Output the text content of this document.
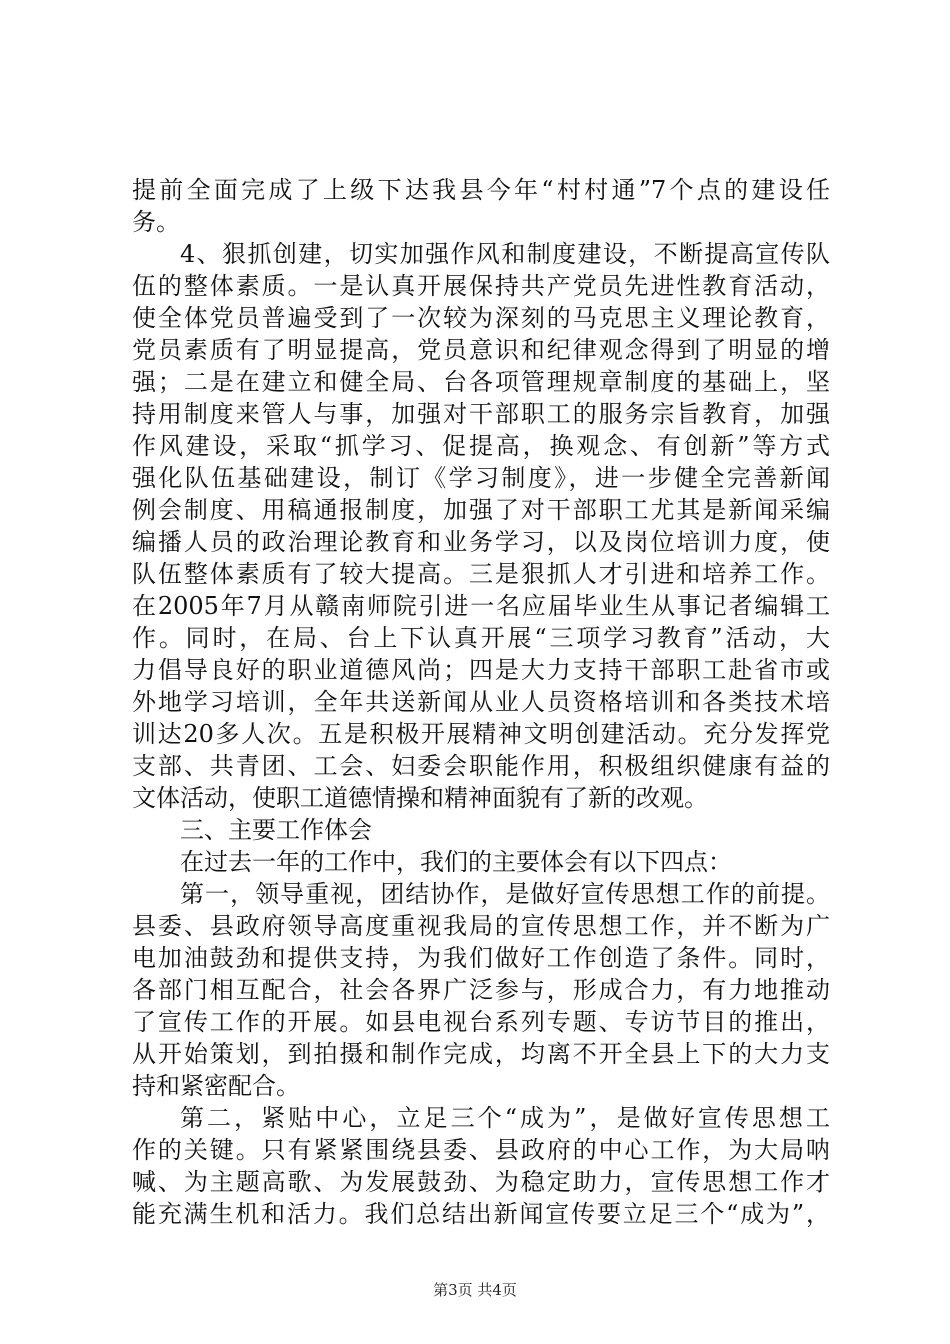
提前全面完成了上级下达我县今年“村村通”7个点的建设任
务。
4、狠抓创建，切实加强作风和制度建设，不断提高宣传队
伍的整体素质。一是认真开展保持共产党员先进性教育活动，
使全体党员普遍受到了一次较为深刻的马克思主义理论教育，
党员素质有了明显提高，党员意识和纪律观念得到了明显的增
强；二是在建立和健全局、台各项管理规章制度的基础上，坚
持用制度来管人与事，加强对干部职工的服务宗旨教育，加强
作风建设，采取“抓学习、促提高，换观念、有创新”等方式
强化队伍基础建设，制订《学习制度》，进一步健全完善新闻
例会制度、用稿通报制度，加强了对干部职工尤其是新闻采编
编播人员的政治理论教育和业务学习，以及岗位培训力度，使
队伍整体素质有了较大提高。三是狠抓人才引进和培养工作。
在2005年7月从赣南师院引进一名应届毕业生从事记者编辑工
作。同时，在局、台上下认真开展“三项学习教育”活动，大
力倡导良好的职业道德风尚；四是大力支持干部职工赴省市或
外地学习培训，全年共送新闻从业人员资格培训和各类技术培
训达20多人次。五是积极开展精神文明创建活动。充分发挥党
支部、共青团、工会、妇委会职能作用，积极组织健康有益的
文体活动，使职工道德情操和精神面貌有了新的改观。
三、主要工作体会
在过去一年的工作中，我们的主要体会有以下四点：
第一，领导重视，团结协作，是做好宣传思想工作的前提。
县委、县政府领导高度重视我局的宣传思想工作，并不断为广
电加油鼓劲和提供支持，为我们做好工作创造了条件。同时，
各部门相互配合，社会各界广泛参与，形成合力，有力地推动
了宣传工作的开展。如县电视台系列专题、专访节目的推出，
从开始策划，到拍摄和制作完成，均离不开全县上下的大力支
持和紧密配合。
第二，紧贴中心，立足三个“成为”，是做好宣传思想工
作的关键。只有紧紧围绕县委、县政府的中心工作，为大局呐
喊、为主题高歌、为发展鼓劲、为稳定助力，宣传思想工作才
能充满生机和活力。我们总结出新闻宣传要立足三个“成为”，
第3页 共4页
